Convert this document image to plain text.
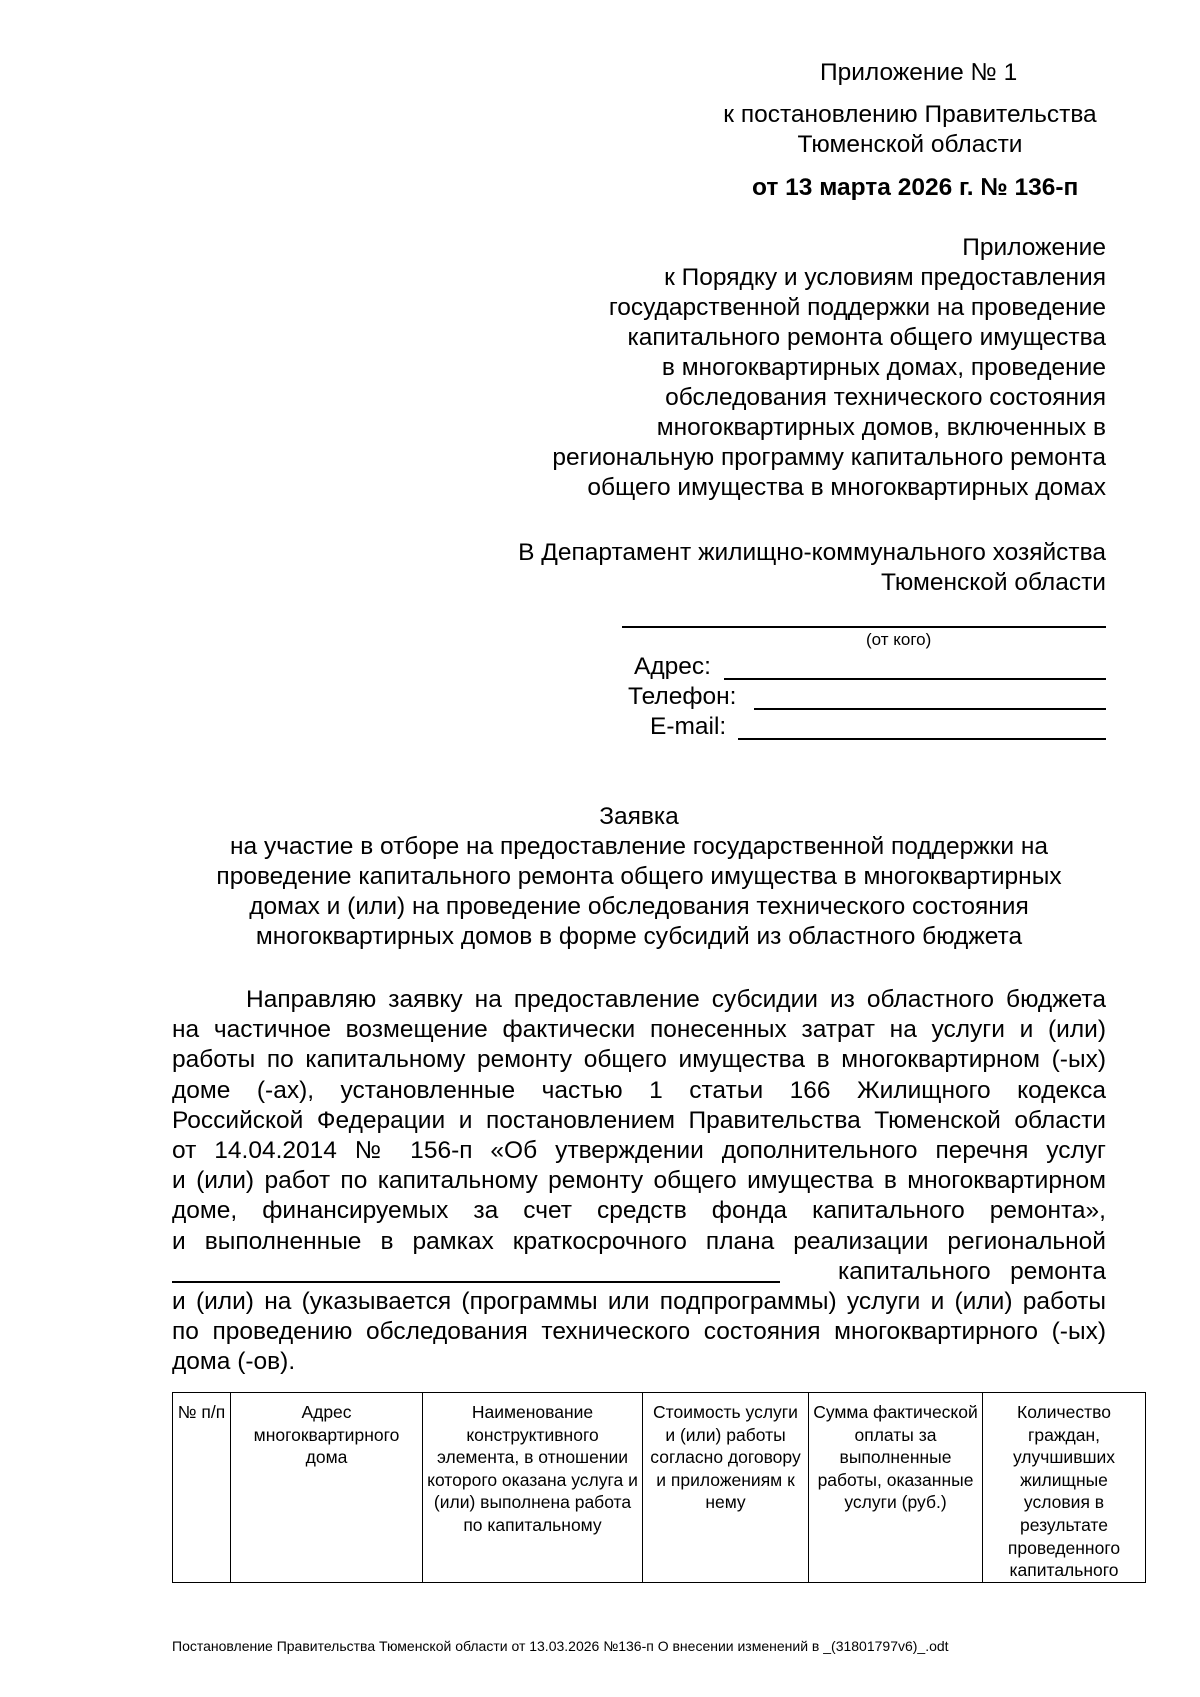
Приложение № 1
к постановлению Правительства
Тюменской области
от 13 марта 2026 г. № 136-п
Приложение
к Порядку и условиям предоставления
государственной поддержки на проведение
капитального ремонта общего имущества
в многоквартирных домах, проведение
обследования технического состояния
многоквартирных домов, включенных в
региональную программу капитального ремонта
общего имущества в многоквартирных домах
В Департамент жилищно-коммунального хозяйства
Тюменской области
(от кого)
Адрес:
Телефон:
E-mail:
Заявка
на участие в отборе на предоставление государственной поддержки на
проведение капитального ремонта общего имущества в многоквартирных
домах и (или) на проведение обследования технического состояния
многоквартирных домов в форме субсидий из областного бюджета
Направляю заявку на предоставление субсидии из областного бюджета
на частичное возмещение фактически понесенных затрат на услуги и (или)
работы по капитальному ремонту общего имущества в многоквартирном (-ых)
доме (-ах), установленные частью 1 статьи 166 Жилищного кодекса
Российской Федерации и постановлением Правительства Тюменской области
от 14.04.2014 № 156-п «Об утверждении дополнительного перечня услуг
и (или) работ по капитальному ремонту общего имущества в многоквартирном
доме, финансируемых за счет средств фонда капитального ремонта»,
и выполненные в рамках краткосрочного плана реализации региональной
капитального ремонта
и (или) на (указывается (программы или подпрограммы) услуги и (или) работы
по проведению обследования технического состояния многоквартирного (-ых)
дома (-ов).
№ п/п	Адрес многоквартирного дома	Наименование конструктивного элемента, в отношении которого оказана услуга и (или) выполнена работа по капитальному	Стоимость услуги и (или) работы согласно договору и приложениям к нему	Сумма фактической оплаты за выполненные работы, оказанные услуги (руб.)	Количество граждан, улучшивших жилищные условия в результате проведенного капитального
Постановление Правительства Тюменской области от 13.03.2026 №136-п О внесении изменений в _(31801797v6)_.odt
